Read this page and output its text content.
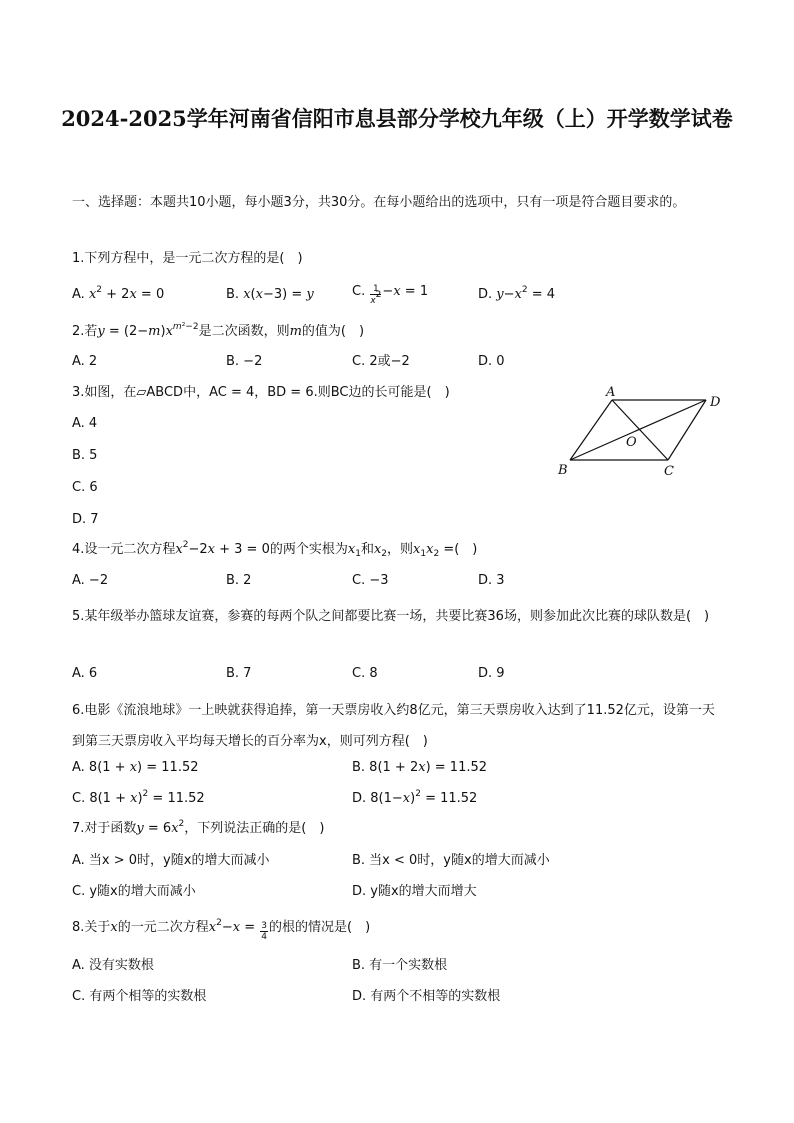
2024-2025学年河南省信阳市息县部分学校九年级（上）开学数学试卷
一、选择题：本题共10小题，每小题3分，共30分。在每小题给出的选项中，只有一项是符合题目要求的。
1.下列方程中，是一元二次方程的是(　)
A. $x^2 + 2x = 0$	B. x(x−3) = y	C. $\frac{1}{x^2} -x = 1$	D. $y-x^2 = 4$
2.若$y = (2-m)x^{m^2-2}$是二次函数，则m的值为(　)
A. 2	B. −2	C. 2或−2	D. 0
3.如图，在▱ABCD中，AC = 4，BD = 6.则BC边的长可能是(　)
A. 4
B. 5
C. 6
D. 7
A
D
B	C
O
4.设一元二次方程$x^2-2x + 3 = 0$的两个实根为$x_1$和$x_2$，则$x_1x_2$ =(　)
A. −2	B. 2	C. −3	D. 3
5.某年级举办篮球友谊赛，参赛的每两个队之间都要比赛一场，共要比赛36场，则参加此次比赛的球队数是(　)
A. 6	B. 7	C. 8	D. 9
6.电影《流浪地球》一上映就获得追捧，第一天票房收入约8亿元，第三天票房收入达到了11.52亿元，设第一天到第三天票房收入平均每天增长的百分率为x，则可列方程(　)
A. 8(1 + x) = 11.52	B. 8(1 + 2x) = 11.52
C. $8(1 + x)^2 = 11.52$	D. $8(1-x)^2 = 11.52$
7.对于函数$y = 6x^2$，下列说法正确的是(　)
A. 当x > 0时，y随x的增大而减小	B. 当x < 0时，y随x的增大而减小
C. y随x的增大而减小	D. y随x的增大而增大
8.关于x的一元二次方程$x^2-x = \frac{3}{4}$ 的根的情况是(　)
A. 没有实数根	B. 有一个实数根
C. 有两个相等的实数根	D. 有两个不相等的实数根
